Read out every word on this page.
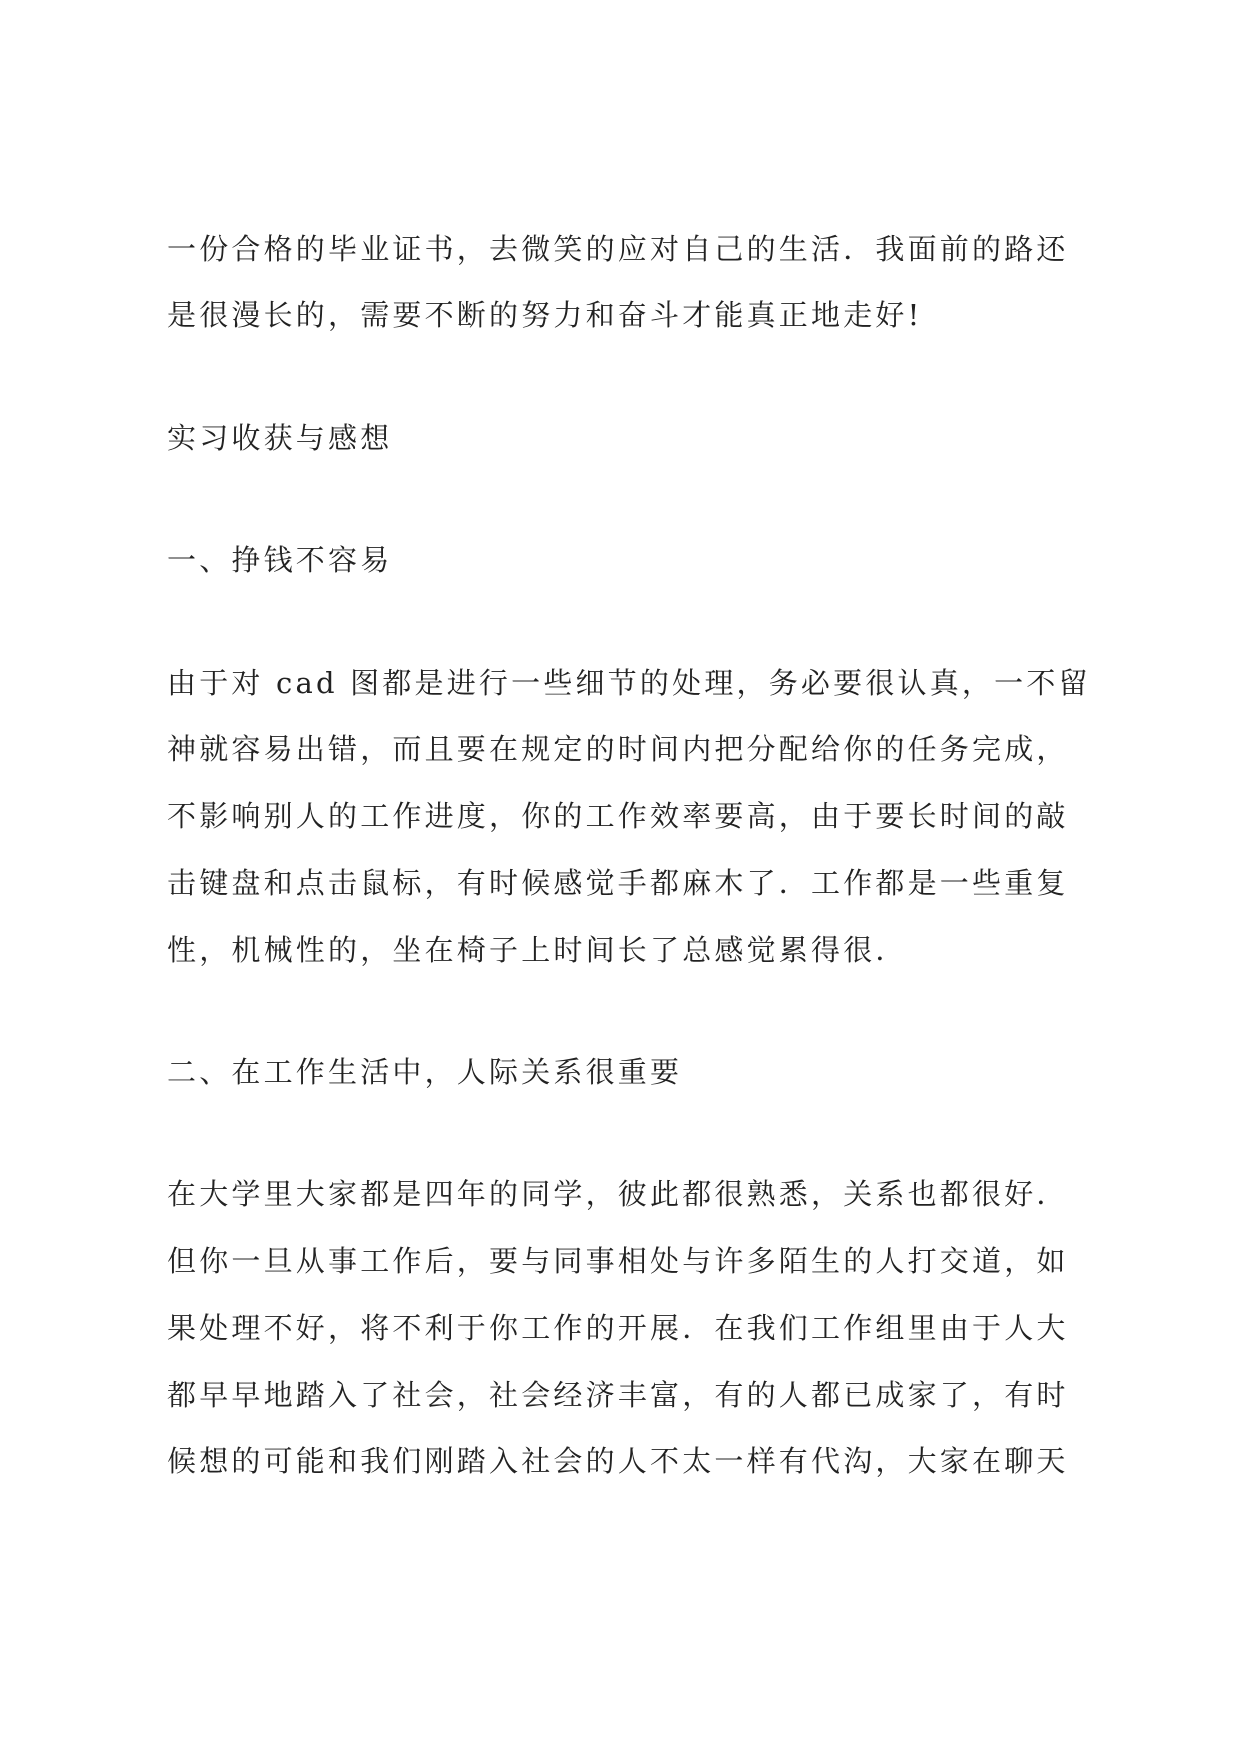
一份合格的毕业证书，去微笑的应对自己的生活．我面前的路还
是很漫长的，需要不断的努力和奋斗才能真正地走好!
实习收获与感想
一、挣钱不容易
由于对 cad 图都是进行一些细节的处理，务必要很认真，一不留
神就容易出错，而且要在规定的时间内把分配给你的任务完成，
不影响别人的工作进度，你的工作效率要高，由于要长时间的敲
击键盘和点击鼠标，有时候感觉手都麻木了．工作都是一些重复
性，机械性的，坐在椅子上时间长了总感觉累得很．
二、在工作生活中，人际关系很重要
在大学里大家都是四年的同学，彼此都很熟悉，关系也都很好．
但你一旦从事工作后，要与同事相处与许多陌生的人打交道，如
果处理不好，将不利于你工作的开展．在我们工作组里由于人大
都早早地踏入了社会，社会经济丰富，有的人都已成家了，有时
候想的可能和我们刚踏入社会的人不太一样有代沟，大家在聊天
